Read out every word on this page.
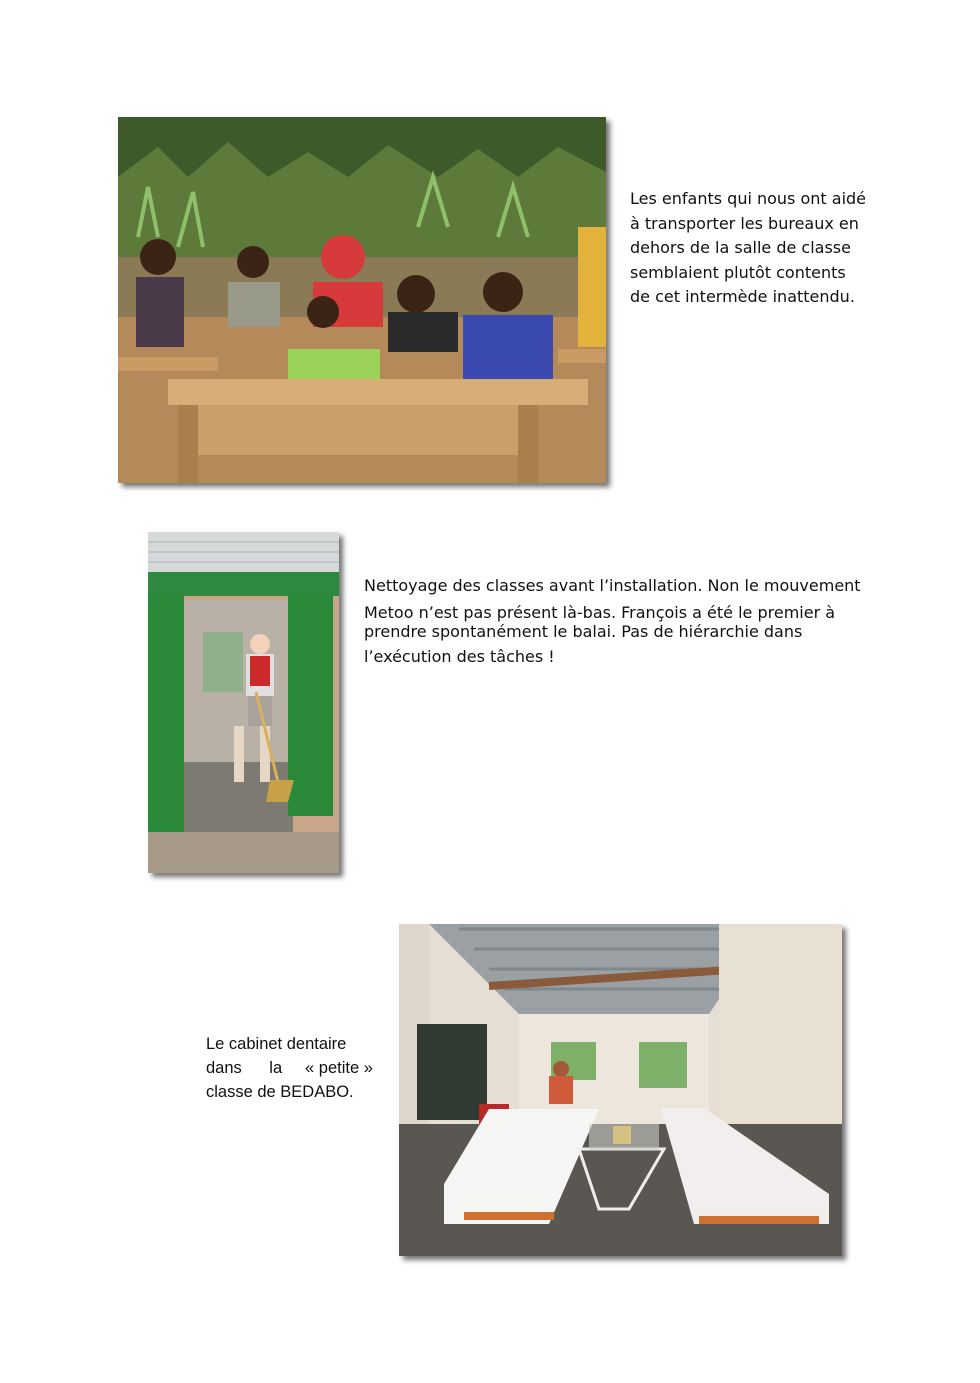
Les enfants qui nous ont aidé
à transporter les bureaux en
dehors de la salle de classe
semblaient plutôt contents
de cet intermède inattendu.
Nettoyage des classes avant l’installation. Non le mouvement
Metoo n’est pas présent là-bas. François a été le premier à
prendre spontanément le balai. Pas de hiérarchie dans
l’exécution des tâches !
Le cabinet dentaire
dans      la     « petite »
classe de BEDABO.
